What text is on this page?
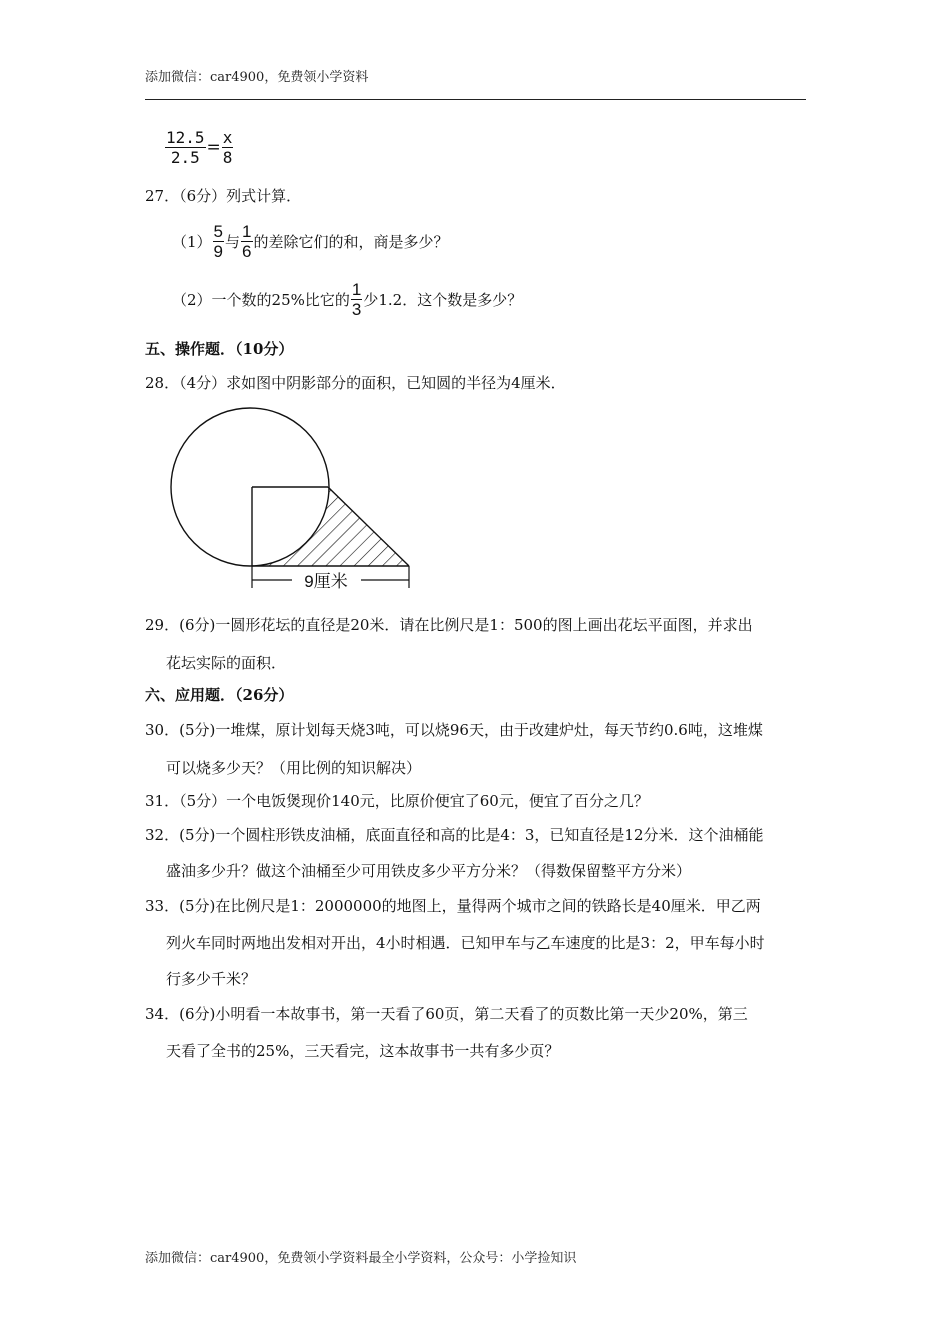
添加微信：car4900，免费领小学资料
$\frac{12.5}{2.5} = \frac{x}{8}$
27．（6分）列式计算．
$(1) \frac{5}{9}$ 与 $\frac{1}{6}$ 的差除它们的和，商是多少？
（2）一个数的25%比它的 $\frac{1}{3}$ 少1.2．这个数是多少？
五、操作题．（10分）
28．（4分）求如图中阴影部分的面积，已知圆的半径为4厘米．
9厘米
29．(6分)一圆形花坛的直径是20米．请在比例尺是1：500的图上画出花坛平面图，并求出
花坛实际的面积．
六、应用题．（26分）
30．(5分)一堆煤，原计划每天烧3吨，可以烧96天，由于改建炉灶，每天节约0.6吨，这堆煤
可以烧多少天？（用比例的知识解决）
31．（5分）一个电饭煲现价140元，比原价便宜了60元，便宜了百分之几？
32．(5分)一个圆柱形铁皮油桶，底面直径和高的比是4：3，已知直径是12分米．这个油桶能
盛油多少升？做这个油桶至少可用铁皮多少平方分米？（得数保留整平方分米）
33．(5分)在比例尺是1：2000000的地图上，量得两个城市之间的铁路长是40厘米．甲乙两
列火车同时两地出发相对开出，4小时相遇．已知甲车与乙车速度的比是3：2，甲车每小时
行多少千米？
34．(6分)小明看一本故事书，第一天看了60页，第二天看了的页数比第一天少20%，第三
天看了全书的25%，三天看完，这本故事书一共有多少页？
添加微信：car4900，免费领小学资料最全小学资料，公众号：小学捡知识
